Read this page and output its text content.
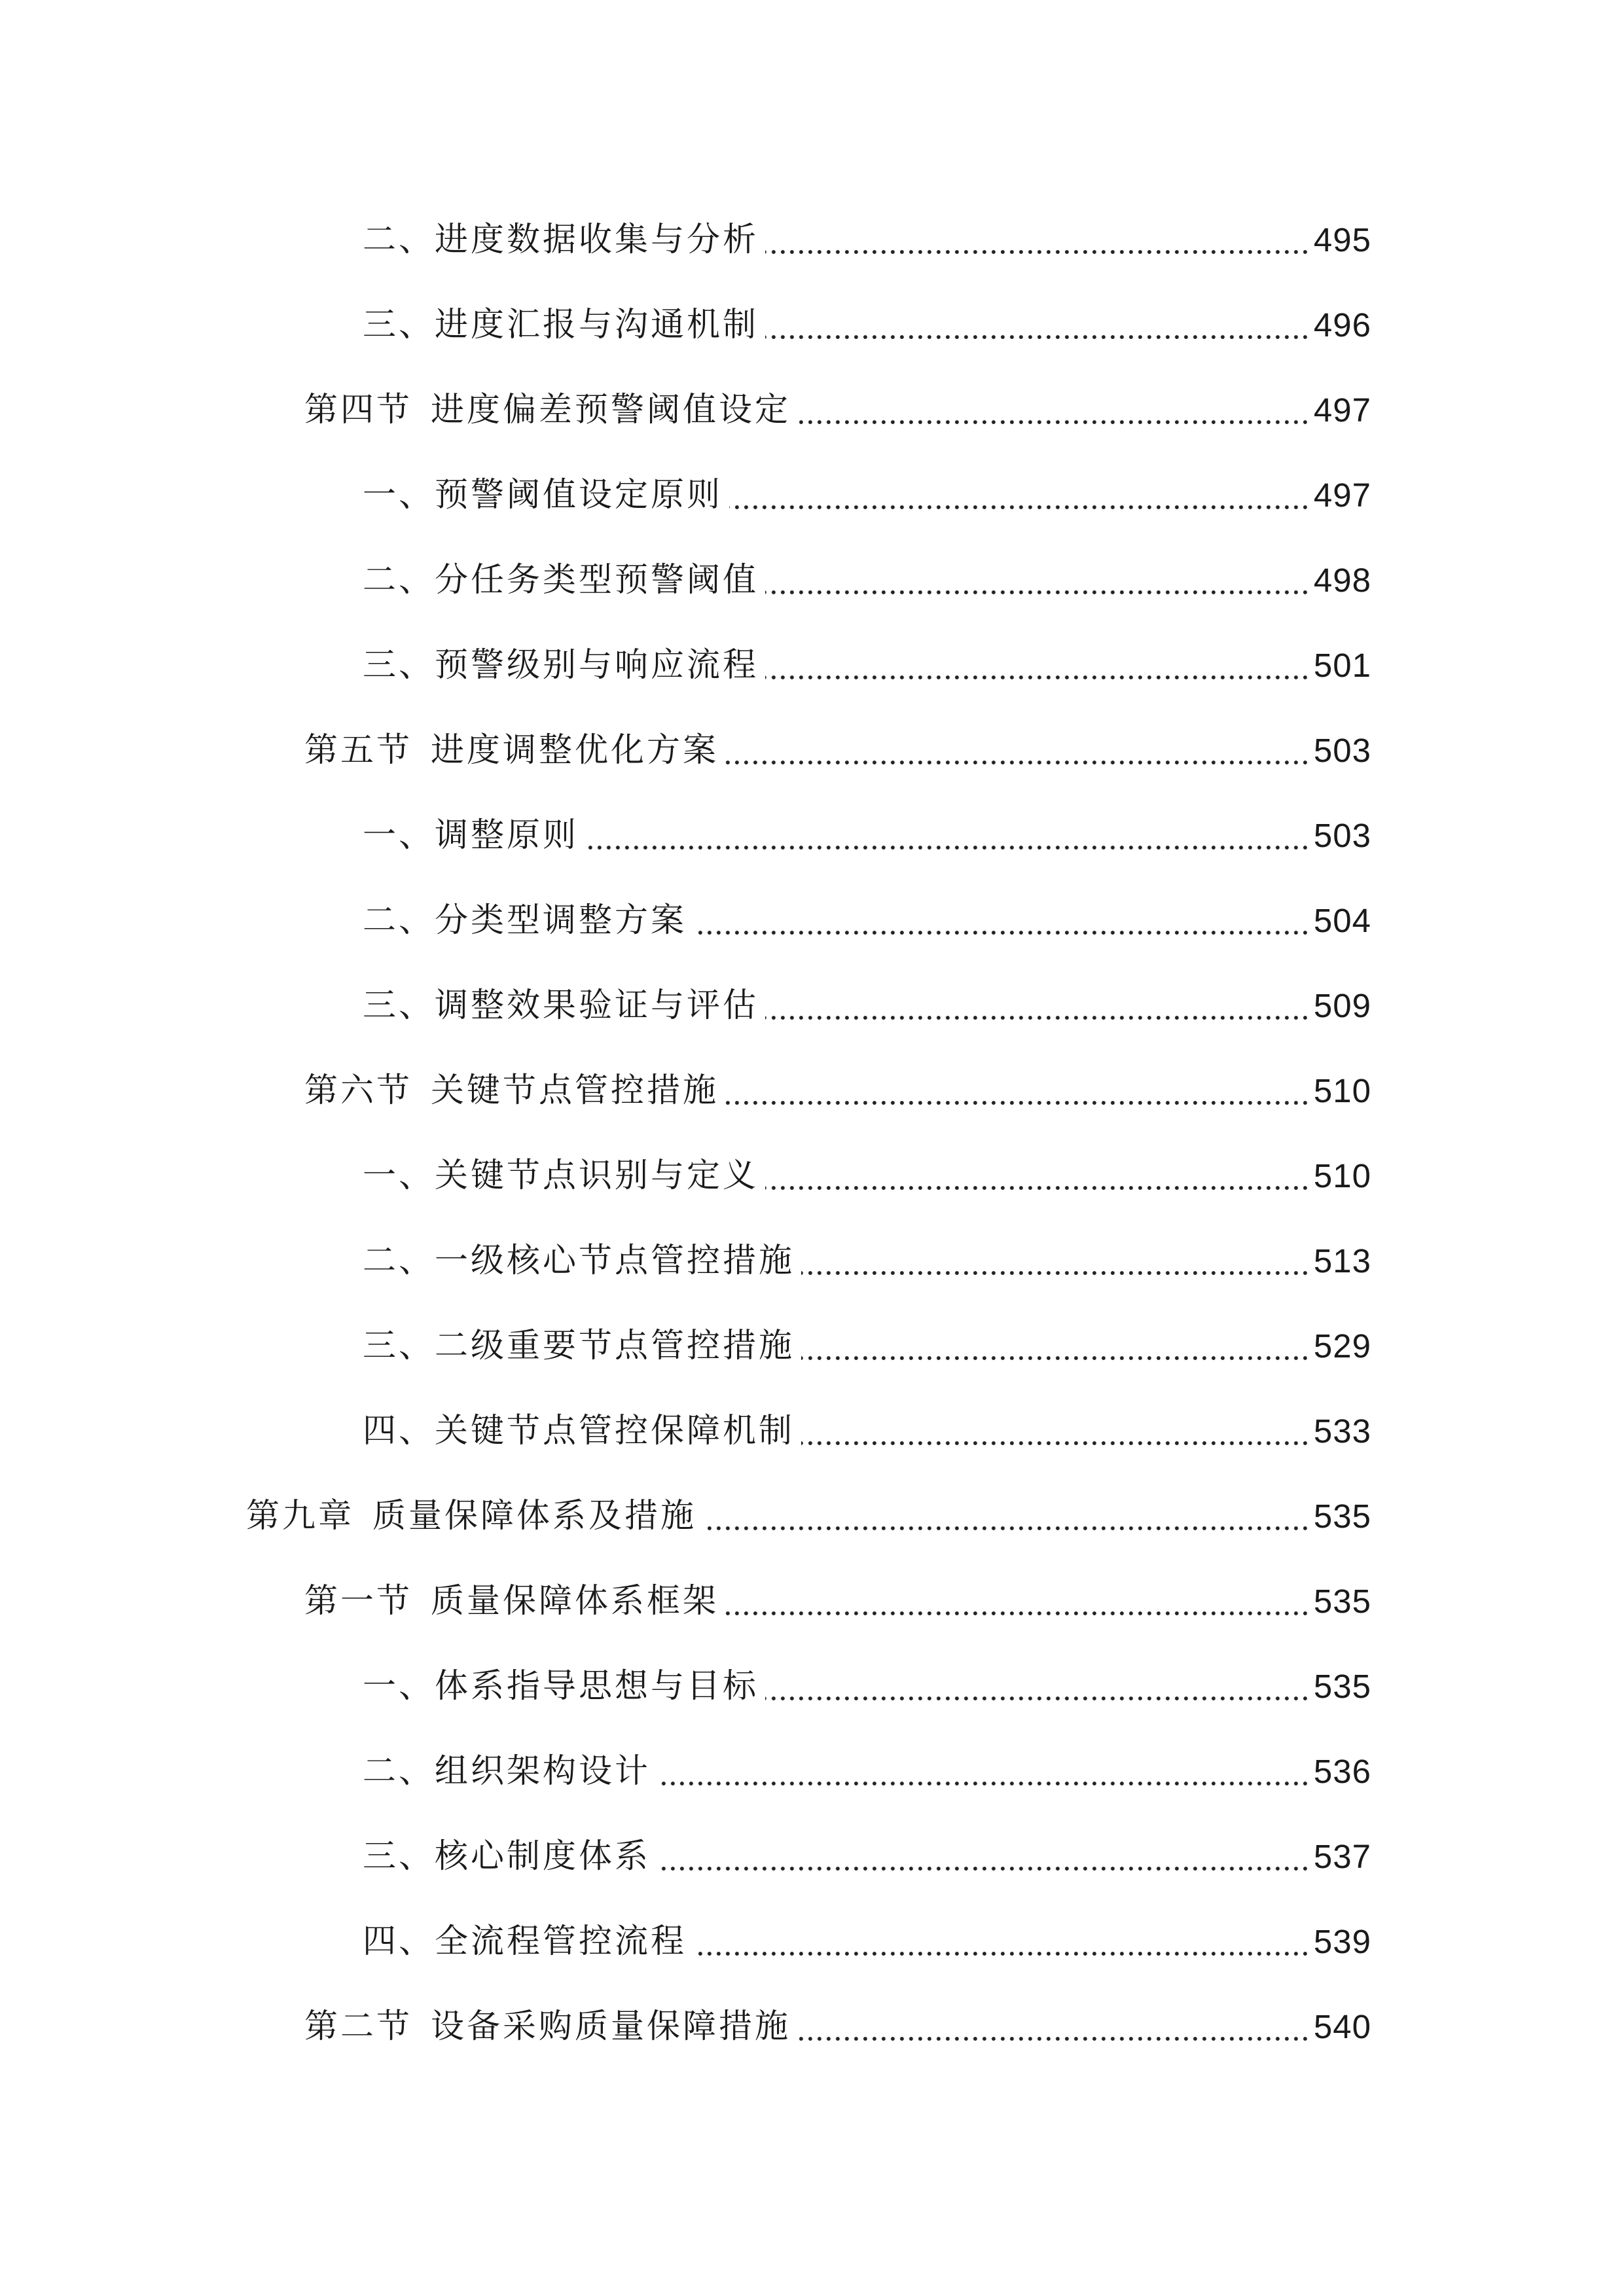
二、进度数据收集与分析	495
三、进度汇报与沟通机制	496
第四节 进度偏差预警阈值设定	497
一、预警阈值设定原则	497
二、分任务类型预警阈值	498
三、预警级别与响应流程	501
第五节 进度调整优化方案	503
一、调整原则	503
二、分类型调整方案	504
三、调整效果验证与评估	509
第六节 关键节点管控措施	510
一、关键节点识别与定义	510
二、一级核心节点管控措施	513
三、二级重要节点管控措施	529
四、关键节点管控保障机制	533
第九章 质量保障体系及措施	535
第一节 质量保障体系框架	535
一、体系指导思想与目标	535
二、组织架构设计	536
三、核心制度体系	537
四、全流程管控流程	539
第二节 设备采购质量保障措施	540
